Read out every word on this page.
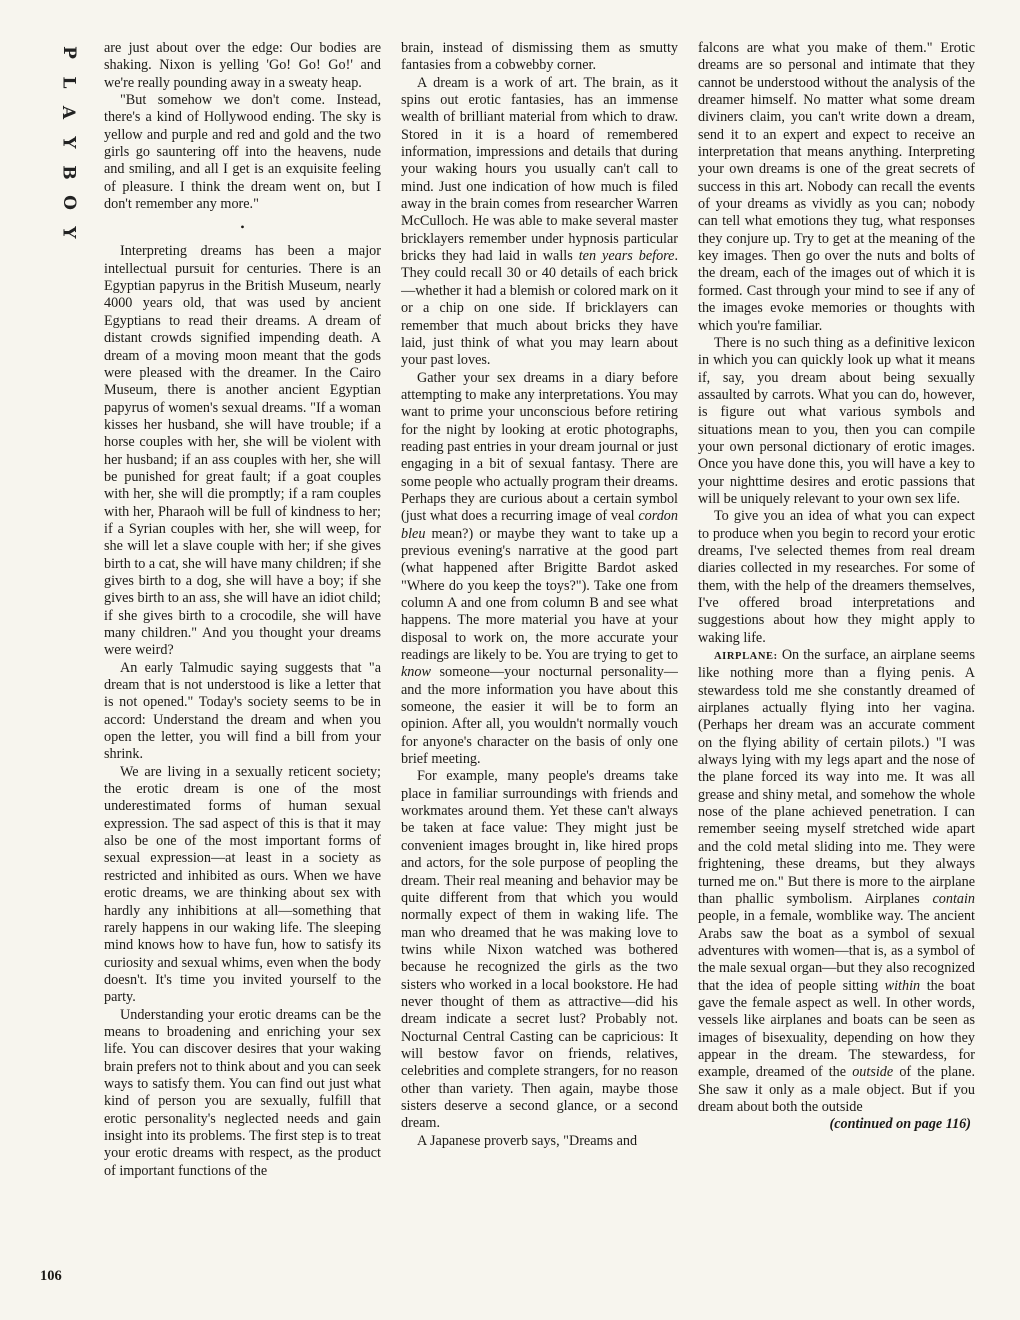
P
L
A
Y
B
O
Y
106

are just about over the edge: Our bodies are shaking. Nixon is yelling 'Go! Go! Go!' and we're really pounding away in a sweaty heap.

"But somehow we don't come. Instead, there's a kind of Hollywood ending. The sky is yellow and purple and red and gold and the two girls go sauntering off into the heavens, nude and smiling, and all I get is an exquisite feeling of pleasure. I think the dream went on, but I don't remember any more."

•

Interpreting dreams has been a major intellectual pursuit for centuries. There is an Egyptian papyrus in the British Museum, nearly 4000 years old, that was used by ancient Egyptians to read their dreams. A dream of distant crowds signified impending death. A dream of a moving moon meant that the gods were pleased with the dreamer. In the Cairo Museum, there is another ancient Egyptian papyrus of women's sexual dreams. "If a woman kisses her husband, she will have trouble; if a horse couples with her, she will be violent with her husband; if an ass couples with her, she will be punished for great fault; if a goat couples with her, she will die promptly; if a ram couples with her, Pharaoh will be full of kindness to her; if a Syrian couples with her, she will weep, for she will let a slave couple with her; if she gives birth to a cat, she will have many children; if she gives birth to a dog, she will have a boy; if she gives birth to an ass, she will have an idiot child; if she gives birth to a crocodile, she will have many children." And you thought your dreams were weird?

An early Talmudic saying suggests that "a dream that is not understood is like a letter that is not opened." Today's society seems to be in accord: Understand the dream and when you open the letter, you will find a bill from your shrink.

We are living in a sexually reticent society; the erotic dream is one of the most underestimated forms of human sexual expression. The sad aspect of this is that it may also be one of the most important forms of sexual expression—at least in a society as restricted and inhibited as ours. When we have erotic dreams, we are thinking about sex with hardly any inhibitions at all—something that rarely happens in our waking life. The sleeping mind knows how to have fun, how to satisfy its curiosity and sexual whims, even when the body doesn't. It's time you invited yourself to the party.

Understanding your erotic dreams can be the means to broadening and enriching your sex life. You can discover desires that your waking brain prefers not to think about and you can seek ways to satisfy them. You can find out just what kind of person you are sexually, fulfill that erotic personality's neglected needs and gain insight into its problems. The first step is to treat your erotic dreams with respect, as the product of important functions of the

brain, instead of dismissing them as smutty fantasies from a cobwebby corner.

A dream is a work of art. The brain, as it spins out erotic fantasies, has an immense wealth of brilliant material from which to draw. Stored in it is a hoard of remembered information, impressions and details that during your waking hours you usually can't call to mind. Just one indication of how much is filed away in the brain comes from researcher Warren McCulloch. He was able to make several master bricklayers remember under hypnosis particular bricks they had laid in walls ten years before. They could recall 30 or 40 details of each brick—whether it had a blemish or colored mark on it or a chip on one side. If bricklayers can remember that much about bricks they have laid, just think of what you may learn about your past loves.

Gather your sex dreams in a diary before attempting to make any interpretations. You may want to prime your unconscious before retiring for the night by looking at erotic photographs, reading past entries in your dream journal or just engaging in a bit of sexual fantasy. There are some people who actually program their dreams. Perhaps they are curious about a certain symbol (just what does a recurring image of veal cordon bleu mean?) or maybe they want to take up a previous evening's narrative at the good part (what happened after Brigitte Bardot asked "Where do you keep the toys?"). Take one from column A and one from column B and see what happens. The more material you have at your disposal to work on, the more accurate your readings are likely to be. You are trying to get to know someone—your nocturnal personality—and the more information you have about this someone, the easier it will be to form an opinion. After all, you wouldn't normally vouch for anyone's character on the basis of only one brief meeting.

For example, many people's dreams take place in familiar surroundings with friends and workmates around them. Yet these can't always be taken at face value: They might just be convenient images brought in, like hired props and actors, for the sole purpose of peopling the dream. Their real meaning and behavior may be quite different from that which you would normally expect of them in waking life. The man who dreamed that he was making love to twins while Nixon watched was bothered because he recognized the girls as the two sisters who worked in a local bookstore. He had never thought of them as attractive—did his dream indicate a secret lust? Probably not. Nocturnal Central Casting can be capricious: It will bestow favor on friends, relatives, celebrities and complete strangers, for no reason other than variety. Then again, maybe those sisters deserve a second glance, or a second dream.

A Japanese proverb says, "Dreams and

falcons are what you make of them." Erotic dreams are so personal and intimate that they cannot be understood without the analysis of the dreamer himself. No matter what some dream diviners claim, you can't write down a dream, send it to an expert and expect to receive an interpretation that means anything. Interpreting your own dreams is one of the great secrets of success in this art. Nobody can recall the events of your dreams as vividly as you can; nobody can tell what emotions they tug, what responses they conjure up. Try to get at the meaning of the key images. Then go over the nuts and bolts of the dream, each of the images out of which it is formed. Cast through your mind to see if any of the images evoke memories or thoughts with which you're familiar.

There is no such thing as a definitive lexicon in which you can quickly look up what it means if, say, you dream about being sexually assaulted by carrots. What you can do, however, is figure out what various symbols and situations mean to you, then you can compile your own personal dictionary of erotic images. Once you have done this, you will have a key to your nighttime desires and erotic passions that will be uniquely relevant to your own sex life.

To give you an idea of what you can expect to produce when you begin to record your erotic dreams, I've selected themes from real dream diaries collected in my researches. For some of them, with the help of the dreamers themselves, I've offered broad interpretations and suggestions about how they might apply to waking life.

AIRPLANE: On the surface, an airplane seems like nothing more than a flying penis. A stewardess told me she constantly dreamed of airplanes actually flying into her vagina. (Perhaps her dream was an accurate comment on the flying ability of certain pilots.) "I was always lying with my legs apart and the nose of the plane forced its way into me. It was all grease and shiny metal, and somehow the whole nose of the plane achieved penetration. I can remember seeing myself stretched wide apart and the cold metal sliding into me. They were frightening, these dreams, but they always turned me on." But there is more to the airplane than phallic symbolism. Airplanes contain people, in a female, womblike way. The ancient Arabs saw the boat as a symbol of sexual adventures with women—that is, as a symbol of the male sexual organ—but they also recognized that the idea of people sitting within the boat gave the female aspect as well. In other words, vessels like airplanes and boats can be seen as images of bisexuality, depending on how they appear in the dream. The stewardess, for example, dreamed of the outside of the plane. She saw it only as a male object. But if you dream about both the outside

(continued on page 116)
